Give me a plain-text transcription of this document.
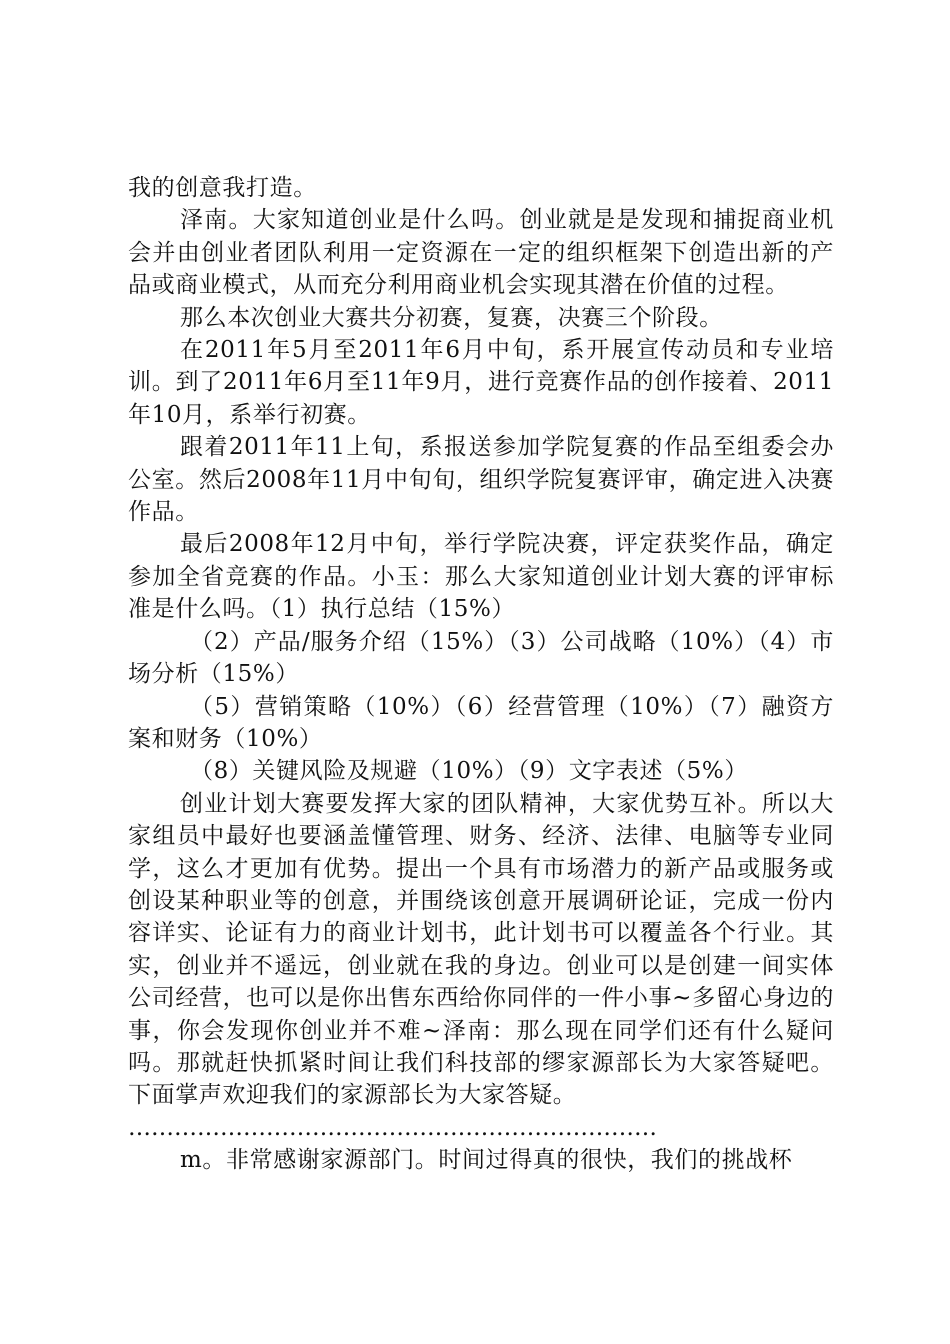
我的创意我打造。

泽南。大家知道创业是什么吗。创业就是是发现和捕捉商业机会并由创业者团队利用一定资源在一定的组织框架下创造出新的产品或商业模式，从而充分利用商业机会实现其潜在价值的过程。

那么本次创业大赛共分初赛，复赛，决赛三个阶段。

在2011年5月至2011年6月中旬，系开展宣传动员和专业培训。到了2011年6月至11年9月，进行竞赛作品的创作接着、2011年10月，系举行初赛。

跟着2011年11上旬，系报送参加学院复赛的作品至组委会办公室。然后2008年11月中旬旬，组织学院复赛评审，确定进入决赛作品。

最后2008年12月中旬，举行学院决赛，评定获奖作品，确定参加全省竞赛的作品。小玉：那么大家知道创业计划大赛的评审标准是什么吗。（1）执行总结（15%）

（2）产品/服务介绍（15%）（3）公司战略（10%）（4）市场分析（15%）

（5）营销策略（10%）（6）经营管理（10%）（7）融资方案和财务（10%）

（8）关键风险及规避（10%）（9）文字表述（5%）

创业计划大赛要发挥大家的团队精神，大家优势互补。所以大家组员中最好也要涵盖懂管理、财务、经济、法律、电脑等专业同学，这么才更加有优势。提出一个具有市场潜力的新产品或服务或创设某种职业等的创意，并围绕该创意开展调研论证，完成一份内容详实、论证有力的商业计划书，此计划书可以覆盖各个行业。其实，创业并不遥远，创业就在我的身边。创业可以是创建一间实体公司经营，也可以是你出售东西给你同伴的一件小事~多留心身边的事，你会发现你创业并不难~泽南：那么现在同学们还有什么疑问吗。那就赶快抓紧时间让我们科技部的缪家源部长为大家答疑吧。下面掌声欢迎我们的家源部长为大家答疑。

……………………………………………………………

m。非常感谢家源部门。时间过得真的很快，我们的挑战杯
